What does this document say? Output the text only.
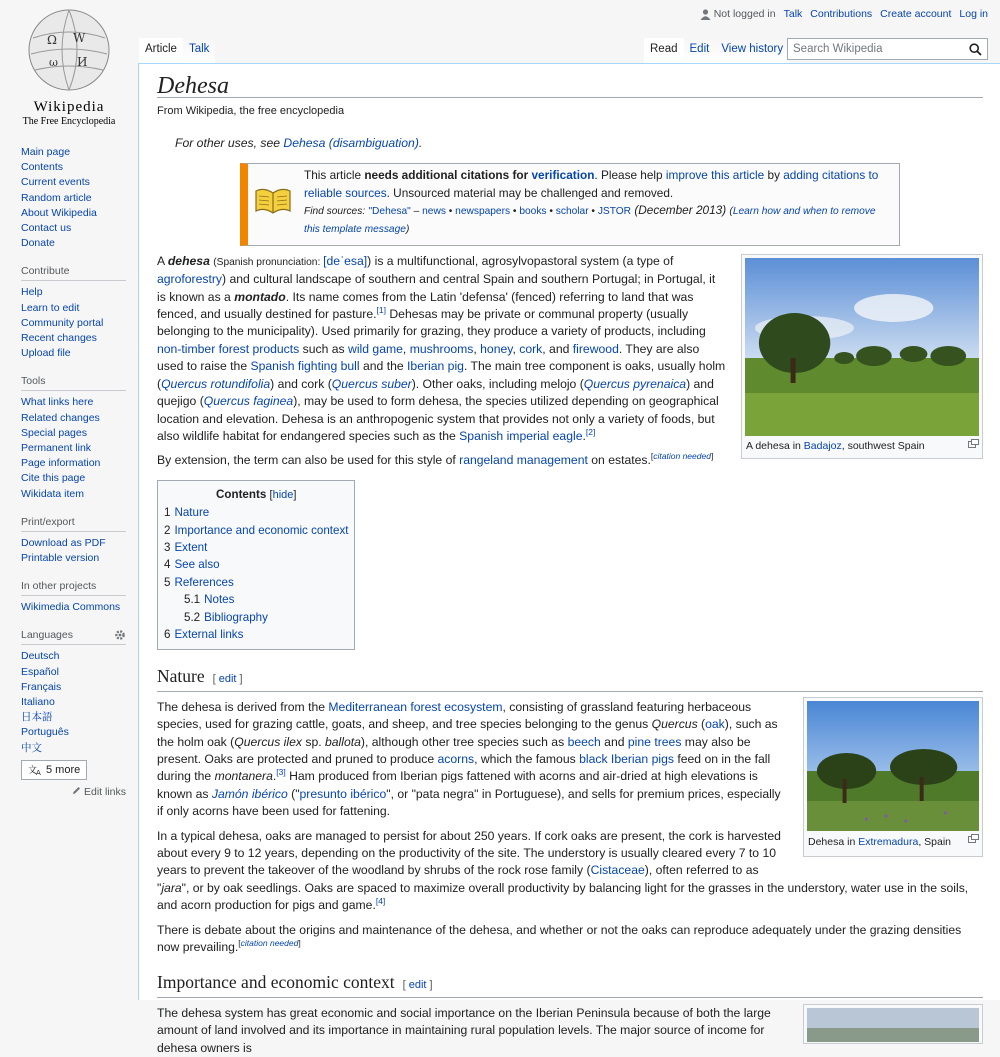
Ω W
ω И
Wikipedia
The Free Encyclopedia
Not logged in Talk Contributions Create account Log in
Article	Talk	Read	Edit	View history Search Wikipedia
Main page
Contents
Current events
Random article
About Wikipedia
Contact us
Donate
Contribute
Help
Learn to edit
Community portal
Recent changes
Upload file
Tools
What links here
Related changes
Special pages
Permanent link
Page information
Cite this page
Wikidata item
Print/export
Download as PDF
Printable version
In other projects
Wikimedia Commons
Languages
Deutsch
Español
Français
Italiano
日本語
Português
中文
文
A 5 more
Edit links
Dehesa
From Wikipedia, the free encyclopedia
For other uses, see Dehesa (disambiguation).
This article needs additional citations for verification. Please help improve this article by adding citations to reliable sources. Unsourced material may be challenged and removed.
Find sources: "Dehesa" – news • newspapers • books • scholar • JSTOR (December 2013) (Learn how and when to remove this template message)
A dehesa in Badajoz, southwest Spain

A dehesa (Spanish pronunciation: [deˈesa]) is a multifunctional, agrosylvopastoral system (a type of agroforestry) and cultural landscape of southern and central Spain and southern Portugal; in Portugal, it is known as a montado. Its name comes from the Latin 'defensa' (fenced) referring to land that was fenced, and usually destined for pasture.[1] Dehesas may be private or communal property (usually belonging to the municipality). Used primarily for grazing, they produce a variety of products, including non-timber forest products such as wild game, mushrooms, honey, cork, and firewood. They are also used to raise the Spanish fighting bull and the Iberian pig. The main tree component is oaks, usually holm (Quercus rotundifolia) and cork (Quercus suber). Other oaks, including melojo (Quercus pyrenaica) and quejigo (Quercus faginea), may be used to form dehesa, the species utilized depending on geographical location and elevation. Dehesa is an anthropogenic system that provides not only a variety of foods, but also wildlife habitat for endangered species such as the Spanish imperial eagle.[2]

By extension, the term can also be used for this style of rangeland management on estates.[citation needed]

Contents [hide]
1 Nature
2 Importance and economic context
3 Extent
4 See also
5 References
5.1 Notes
5.2 Bibliography
6 External links
Nature [ edit ]
Dehesa in Extremadura, Spain

The dehesa is derived from the Mediterranean forest ecosystem, consisting of grassland featuring herbaceous species, used for grazing cattle, goats, and sheep, and tree species belonging to the genus Quercus (oak), such as the holm oak (Quercus ilex sp. ballota), although other tree species such as beech and pine trees may also be present. Oaks are protected and pruned to produce acorns, which the famous black Iberian pigs feed on in the fall during the montanera.[3] Ham produced from Iberian pigs fattened with acorns and air-dried at high elevations is known as Jamón ibérico ("presunto ibérico", or "pata negra" in Portuguese), and sells for premium prices, especially if only acorns have been used for fattening.

In a typical dehesa, oaks are managed to persist for about 250 years. If cork oaks are present, the cork is harvested about every 9 to 12 years, depending on the productivity of the site. The understory is usually cleared every 7 to 10 years to prevent the takeover of the woodland by shrubs of the rock rose family (Cistaceae), often referred to as "jara", or by oak seedlings. Oaks are spaced to maximize overall productivity by balancing light for the grasses in the understory, water use in the soils, and acorn production for pigs and game.[4]

There is debate about the origins and maintenance of the dehesa, and whether or not the oaks can reproduce adequately under the grazing densities now prevailing.[citation needed]

Importance and economic context [ edit ]

The dehesa system has great economic and social importance on the Iberian Peninsula because of both the large amount of land involved and its importance in maintaining rural population levels. The major source of income for dehesa owners is
